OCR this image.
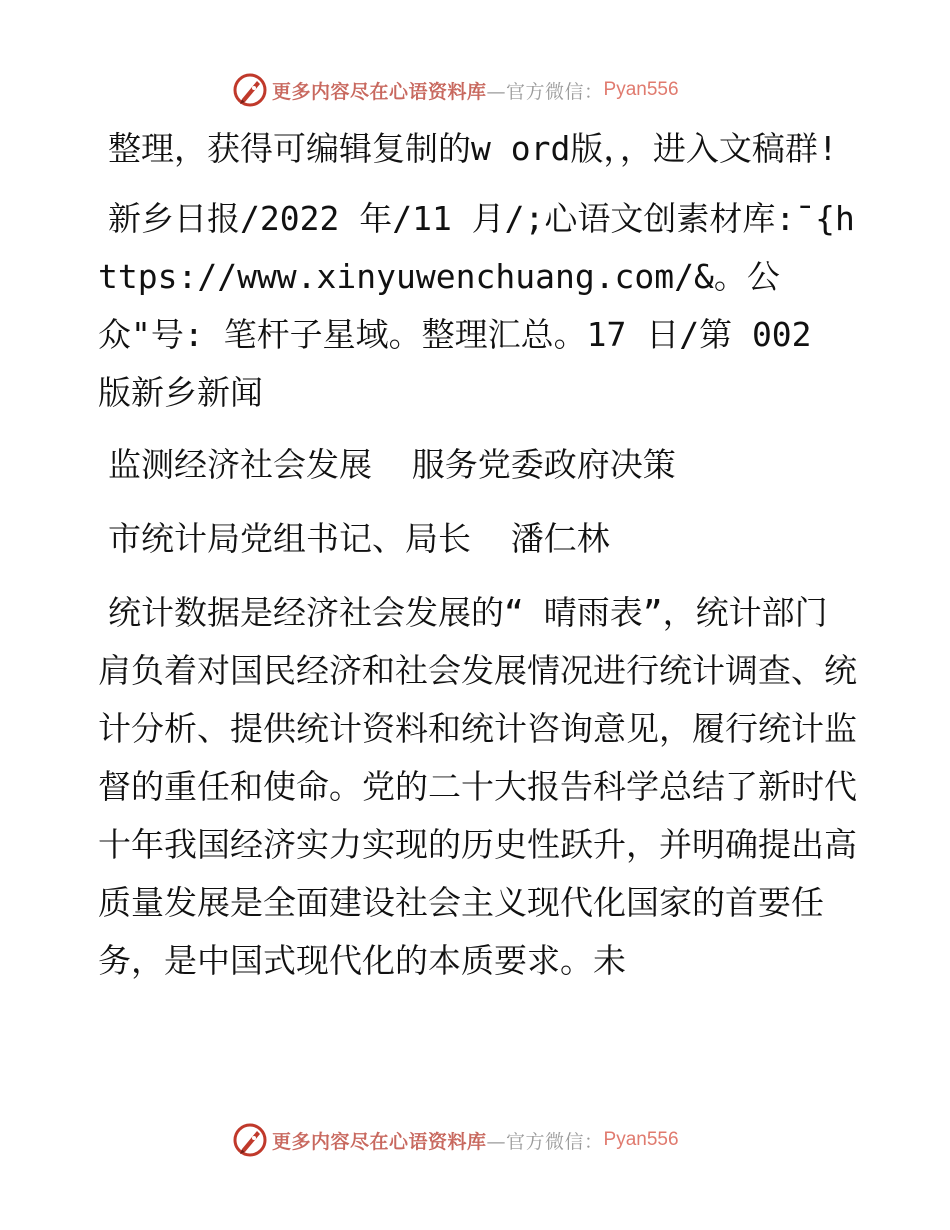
更多内容尽在心语资料库 —官方微信： Pyan556

整理，获得可编辑复制的w ord版，，进入文稿群!

新乡日报/2022 年/11 月/;心语文创素材库:¯{https://www.xinyuwenchuang.com/&。公众"号: 笔杆子星域。整理汇总。17 日/第 002 版新乡新闻

监测经济社会发展  服务党委政府决策

市统计局党组书记、局长  潘仁林

统计数据是经济社会发展的“ 晴雨表”，统计部门肩负着对国民经济和社会发展情况进行统计调查、统计分析、提供统计资料和统计咨询意见，履行统计监督的重任和使命。党的二十大报告科学总结了新时代十年我国经济实力实现的历史性跃升，并明确提出高质量发展是全面建设社会主义现代化国家的首要任务，是中国式现代化的本质要求。未

更多内容尽在心语资料库 —官方微信： Pyan556
